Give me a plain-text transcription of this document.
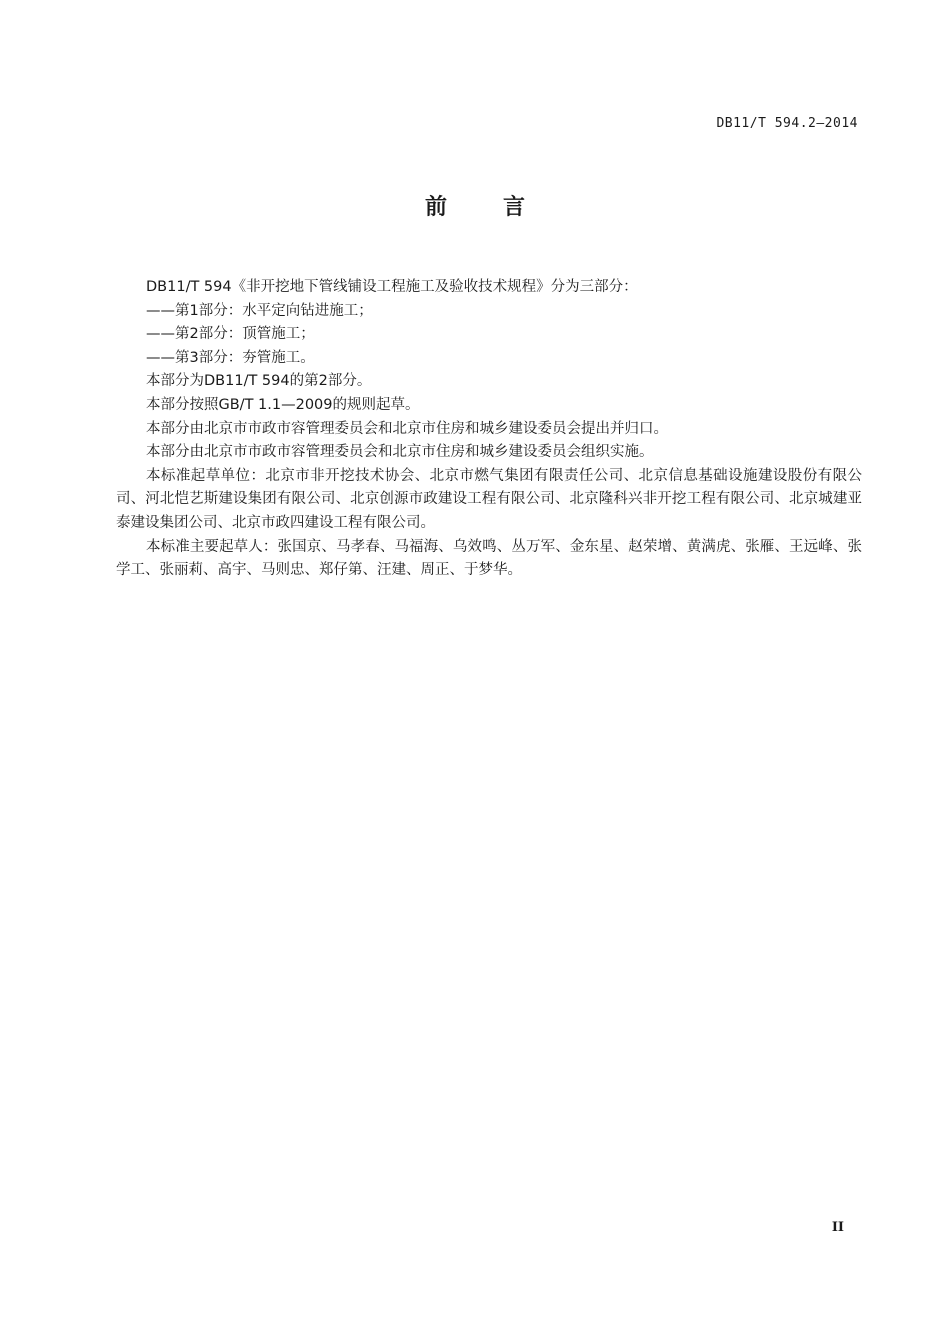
DB11/T 594.2—2014
前言

DB11/T 594《非开挖地下管线铺设工程施工及验收技术规程》分为三部分：

——第1部分：水平定向钻进施工；

——第2部分：顶管施工；

——第3部分：夯管施工。

本部分为DB11/T 594的第2部分。

本部分按照GB/T 1.1—2009的规则起草。

本部分由北京市市政市容管理委员会和北京市住房和城乡建设委员会提出并归口。

本部分由北京市市政市容管理委员会和北京市住房和城乡建设委员会组织实施。

本标准起草单位：北京市非开挖技术协会、北京市燃气集团有限责任公司、北京信息基础设施建设股份有限公司、河北恺艺斯建设集团有限公司、北京创源市政建设工程有限公司、北京隆科兴非开挖工程有限公司、北京城建亚泰建设集团公司、北京市政四建设工程有限公司。

本标准主要起草人：张国京、马孝春、马福海、乌效鸣、丛万军、金东星、赵荣增、黄满虎、张雁、王远峰、张学工、张丽莉、高宇、马则忠、郑仔第、汪建、周正、于梦华。

II
